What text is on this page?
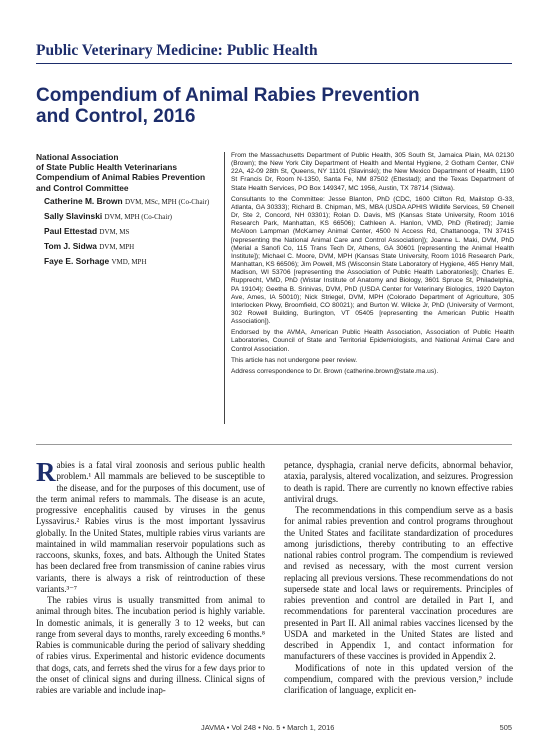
Public Veterinary Medicine: Public Health
Compendium of Animal Rabies Prevention
and Control, 2016
National Association
of State Public Health Veterinarians
Compendium of Animal Rabies Prevention
and Control Committee
Catherine M. Brown DVM, MSc, MPH (Co-Chair)
Sally Slavinski DVM, MPH (Co-Chair)
Paul Ettestad DVM, MS
Tom J. Sidwa DVM, MPH
Faye E. Sorhage VMD, MPH

From the Massachusetts Department of Public Health, 305 South St, Jamaica Plain, MA 02130 (Brown); the New York City Department of Health and Mental Hygiene, 2 Gotham Center, CN# 22A, 42-09 28th St, Queens, NY 11101 (Slavinski); the New Mexico Department of Health, 1190 St Francis Dr, Room N-1350, Santa Fe, NM 87502 (Ettestad); and the Texas Department of State Health Services, PO Box 149347, MC 1956, Austin, TX 78714 (Sidwa).

Consultants to the Committee: Jesse Blanton, PhD (CDC, 1600 Clifton Rd, Mailstop G-33, Atlanta, GA 30333); Richard B. Chipman, MS, MBA (USDA APHIS Wildlife Services, 59 Chenell Dr, Ste 2, Concord, NH 03301); Rolan D. Davis, MS (Kansas State University, Room 1016 Research Park, Manhattan, KS 66506); Cathleen A. Hanlon, VMD, PhD (Retired); Jamie McAloon Lampman (McKamey Animal Center, 4500 N Access Rd, Chattanooga, TN 37415 [representing the National Animal Care and Control Association]); Joanne L. Maki, DVM, PhD (Merial a Sanofi Co, 115 Trans Tech Dr, Athens, GA 30601 [representing the Animal Health Institute]); Michael C. Moore, DVM, MPH (Kansas State University, Room 1016 Research Park, Manhattan, KS 66506); Jim Powell, MS (Wisconsin State Laboratory of Hygiene, 465 Henry Mall, Madison, WI 53706 [representing the Association of Public Health Laboratories]); Charles E. Rupprecht, VMD, PhD (Wistar Institute of Anatomy and Biology, 3601 Spruce St, Philadelphia, PA 19104); Geetha B. Srinivas, DVM, PhD (USDA Center for Veterinary Biologics, 1920 Dayton Ave, Ames, IA 50010); Nick Striegel, DVM, MPH (Colorado Department of Agriculture, 305 Interlocken Pkwy, Broomfield, CO 80021); and Burton W. Wilcke Jr, PhD (University of Vermont, 302 Rowell Building, Burlington, VT 05405 [representing the American Public Health Association]).

Endorsed by the AVMA, American Public Health Association, Association of Public Health Laboratories, Council of State and Territorial Epidemiologists, and National Animal Care and Control Association.

This article has not undergone peer review.

Address correspondence to Dr. Brown (catherine.brown@state.ma.us).

Rabies is a fatal viral zoonosis and serious public health problem.¹ All mammals are believed to be susceptible to the disease, and for the purposes of this document, use of the term animal refers to mammals. The disease is an acute, progressive encephalitis caused by viruses in the genus Lyssavirus.² Rabies virus is the most important lyssavirus globally. In the United States, multiple rabies virus variants are maintained in wild mammalian reservoir populations such as raccoons, skunks, foxes, and bats. Although the United States has been declared free from transmission of canine rabies virus variants, there is always a risk of reintroduction of these variants.³⁻⁷

The rabies virus is usually transmitted from animal to animal through bites. The incubation period is highly variable. In domestic animals, it is generally 3 to 12 weeks, but can range from several days to months, rarely exceeding 6 months.⁸ Rabies is communicable during the period of salivary shedding of rabies virus. Experimental and historic evidence documents that dogs, cats, and ferrets shed the virus for a few days prior to the onset of clinical signs and during illness. Clinical signs of rabies are variable and include inap-

petance, dysphagia, cranial nerve deficits, abnormal behavior, ataxia, paralysis, altered vocalization, and seizures. Progression to death is rapid. There are currently no known effective rabies antiviral drugs.

The recommendations in this compendium serve as a basis for animal rabies prevention and control programs throughout the United States and facilitate standardization of procedures among jurisdictions, thereby contributing to an effective national rabies control program. The compendium is reviewed and revised as necessary, with the most current version replacing all previous versions. These recommendations do not supersede state and local laws or requirements. Principles of rabies prevention and control are detailed in Part I, and recommendations for parenteral vaccination procedures are presented in Part II. All animal rabies vaccines licensed by the USDA and marketed in the United States are listed and described in Appendix 1, and contact information for manufacturers of these vaccines is provided in Appendix 2.

Modifications of note in this updated version of the compendium, compared with the previous version,⁹ include clarification of language, explicit en-

JAVMA • Vol 248 • No. 5 • March 1, 2016	505
